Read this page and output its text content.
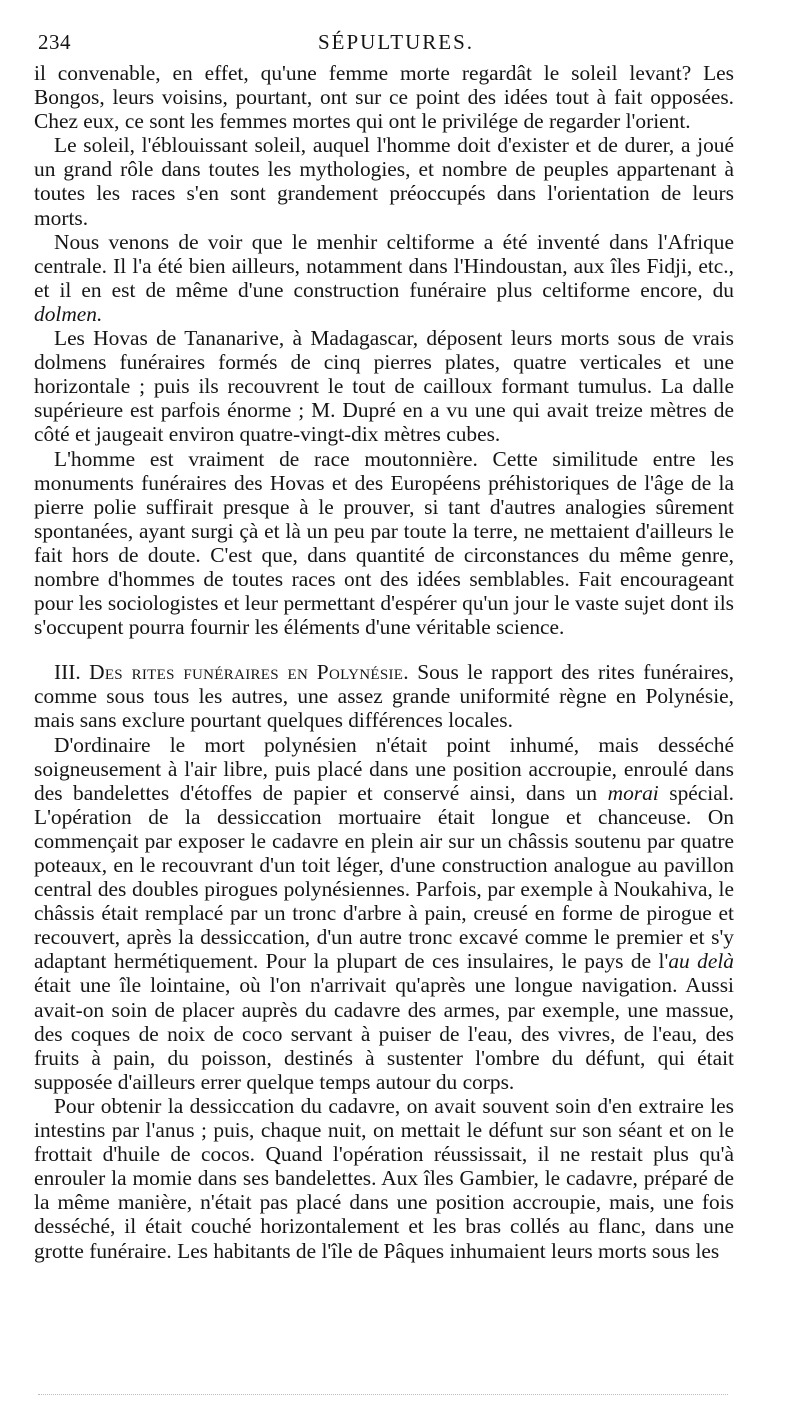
234	SÉPULTURES.

il convenable, en effet, qu'une femme morte regardât le soleil levant? Les Bongos, leurs voisins, pourtant, ont sur ce point des idées tout à fait opposées. Chez eux, ce sont les femmes mortes qui ont le privilége de regarder l'orient.

Le soleil, l'éblouissant soleil, auquel l'homme doit d'exister et de durer, a joué un grand rôle dans toutes les mythologies, et nombre de peuples appartenant à toutes les races s'en sont grandement préoccupés dans l'orientation de leurs morts.

Nous venons de voir que le menhir celtiforme a été inventé dans l'Afrique centrale. Il l'a été bien ailleurs, notamment dans l'Hindoustan, aux îles Fidji, etc., et il en est de même d'une construction funéraire plus celtiforme encore, du dolmen.

Les Hovas de Tananarive, à Madagascar, déposent leurs morts sous de vrais dolmens funéraires formés de cinq pierres plates, quatre verticales et une horizontale ; puis ils recouvrent le tout de cailloux formant tumulus. La dalle supérieure est parfois énorme ; M. Dupré en a vu une qui avait treize mètres de côté et jaugeait environ quatre-vingt-dix mètres cubes.

L'homme est vraiment de race moutonnière. Cette similitude entre les monuments funéraires des Hovas et des Européens préhistoriques de l'âge de la pierre polie suffirait presque à le prouver, si tant d'autres analogies sûrement spontanées, ayant surgi çà et là un peu par toute la terre, ne mettaient d'ailleurs le fait hors de doute. C'est que, dans quantité de circonstances du même genre, nombre d'hommes de toutes races ont des idées semblables. Fait encourageant pour les sociologistes et leur permettant d'espérer qu'un jour le vaste sujet dont ils s'occupent pourra fournir les éléments d'une véritable science.

III. Des rites funéraires en Polynésie. Sous le rapport des rites funéraires, comme sous tous les autres, une assez grande uniformité règne en Polynésie, mais sans exclure pourtant quelques différences locales.

D'ordinaire le mort polynésien n'était point inhumé, mais desséché soigneusement à l'air libre, puis placé dans une position accroupie, enroulé dans des bandelettes d'étoffes de papier et conservé ainsi, dans un morai spécial. L'opération de la dessiccation mortuaire était longue et chanceuse. On commençait par exposer le cadavre en plein air sur un châssis soutenu par quatre poteaux, en le recouvrant d'un toit léger, d'une construction analogue au pavillon central des doubles pirogues polynésiennes. Parfois, par exemple à Noukahiva, le châssis était remplacé par un tronc d'arbre à pain, creusé en forme de pirogue et recouvert, après la dessiccation, d'un autre tronc excavé comme le premier et s'y adaptant hermétiquement. Pour la plupart de ces insulaires, le pays de l'au delà était une île lointaine, où l'on n'arrivait qu'après une longue navigation. Aussi avait-on soin de placer auprès du cadavre des armes, par exemple, une massue, des coques de noix de coco servant à puiser de l'eau, des vivres, de l'eau, des fruits à pain, du poisson, destinés à sustenter l'ombre du défunt, qui était supposée d'ailleurs errer quelque temps autour du corps.

Pour obtenir la dessiccation du cadavre, on avait souvent soin d'en extraire les intestins par l'anus ; puis, chaque nuit, on mettait le défunt sur son séant et on le frottait d'huile de cocos. Quand l'opération réussissait, il ne restait plus qu'à enrouler la momie dans ses bandelettes. Aux îles Gambier, le cadavre, préparé de la même manière, n'était pas placé dans une position accroupie, mais, une fois desséché, il était couché horizontalement et les bras collés au flanc, dans une grotte funéraire. Les habitants de l'île de Pâques inhumaient leurs morts sous les
